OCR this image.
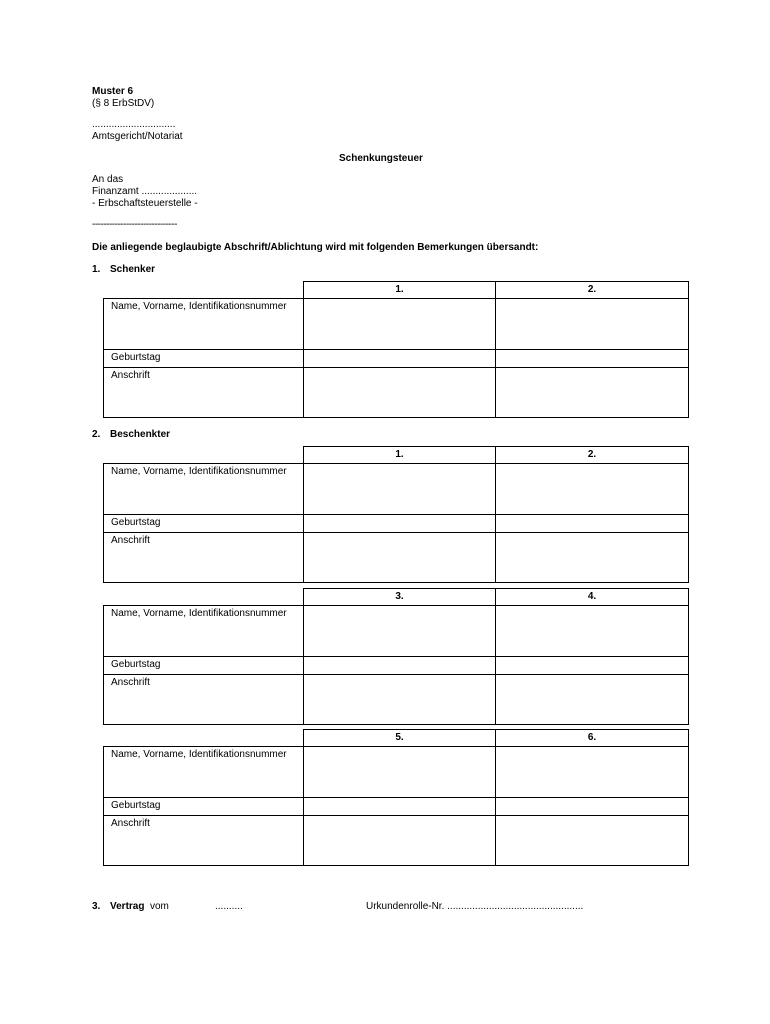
Muster 6
(§ 8 ErbStDV)
..............................
Amtsgericht/Notariat
Schenkungsteuer
An das
Finanzamt ....................
- Erbschaftsteuerstelle -
------------------------------
Die anliegende beglaubigte Abschrift/Ablichtung wird mit folgenden Bemerkungen übersandt:
1. Schenker
	1.	2.
Name, Vorname, Identifikationsnummer		
Geburtstag		
Anschrift		
2. Beschenkter
	1.	2.
Name, Vorname, Identifikationsnummer		
Geburtstag		
Anschrift		
	3.	4.
Name, Vorname, Identifikationsnummer		
Geburtstag		
Anschrift		
	5.	6.
Name, Vorname, Identifikationsnummer		
Geburtstag		
Anschrift		
3. Vertrag vom	..........	Urkundenrolle-Nr. .................................................
